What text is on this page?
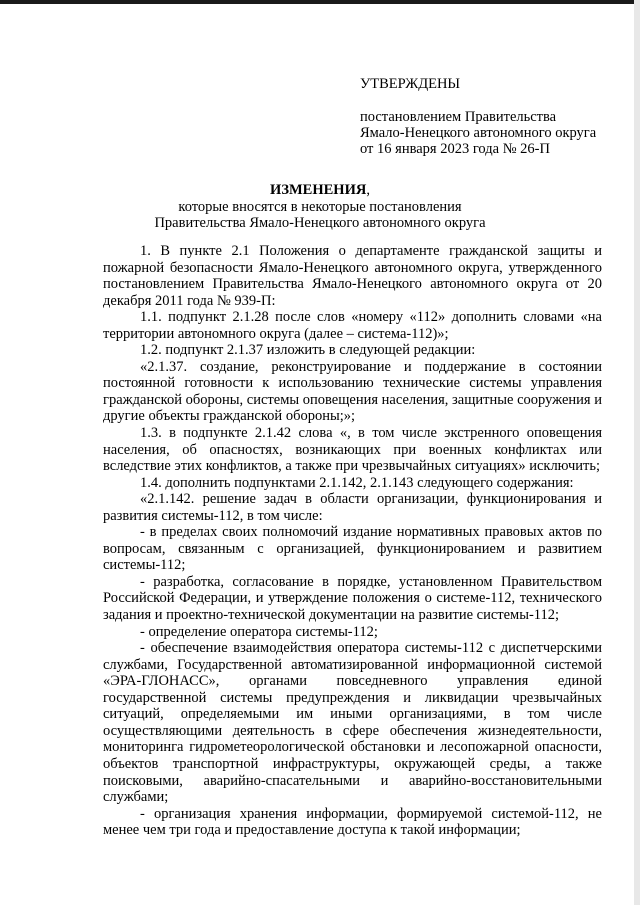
УТВЕРЖДЕНЫ
постановлением Правительства
Ямало-Ненецкого автономного округа
от 16 января 2023 года № 26-П
ИЗМЕНЕНИЯ,
которые вносятся в некоторые постановления
Правительства Ямало-Ненецкого автономного округа

1. В пункте 2.1 Положения о департаменте гражданской защиты и пожарной безопасности Ямало-Ненецкого автономного округа, утвержденного постановлением Правительства Ямало-Ненецкого автономного округа от 20 декабря 2011 года № 939-П:

1.1. подпункт 2.1.28 после слов «номеру «112» дополнить словами «на территории автономного округа (далее – система-112)»;

1.2. подпункт 2.1.37 изложить в следующей редакции:

«2.1.37. создание, реконструирование и поддержание в состоянии постоянной готовности к использованию технические системы управления гражданской обороны, системы оповещения населения, защитные сооружения и другие объекты гражданской обороны;»;

1.3. в подпункте 2.1.42 слова «, в том числе экстренного оповещения населения, об опасностях, возникающих при военных конфликтах или вследствие этих конфликтов, а также при чрезвычайных ситуациях» исключить;

1.4. дополнить подпунктами 2.1.142, 2.1.143 следующего содержания:

«2.1.142. решение задач в области организации, функционирования и развития системы-112, в том числе:

- в пределах своих полномочий издание нормативных правовых актов по вопросам, связанным с организацией, функционированием и развитием системы-112;

- разработка, согласование в порядке, установленном Правительством Российской Федерации, и утверждение положения о системе-112, технического задания и проектно-технической документации на развитие системы-112;

- определение оператора системы-112;

- обеспечение взаимодействия оператора системы-112 с диспетчерскими службами, Государственной автоматизированной информационной системой «ЭРА-ГЛОНАСС», органами повседневного управления единой государственной системы предупреждения и ликвидации чрезвычайных ситуаций, определяемыми им иными организациями, в том числе осуществляющими деятельность в сфере обеспечения жизнедеятельности, мониторинга гидрометеорологической обстановки и лесопожарной опасности, объектов транспортной инфраструктуры, окружающей среды, а также поисковыми, аварийно-спасательными и аварийно-восстановительными службами;

- организация хранения информации, формируемой системой-112, не менее чем три года и предоставление доступа к такой информации;
